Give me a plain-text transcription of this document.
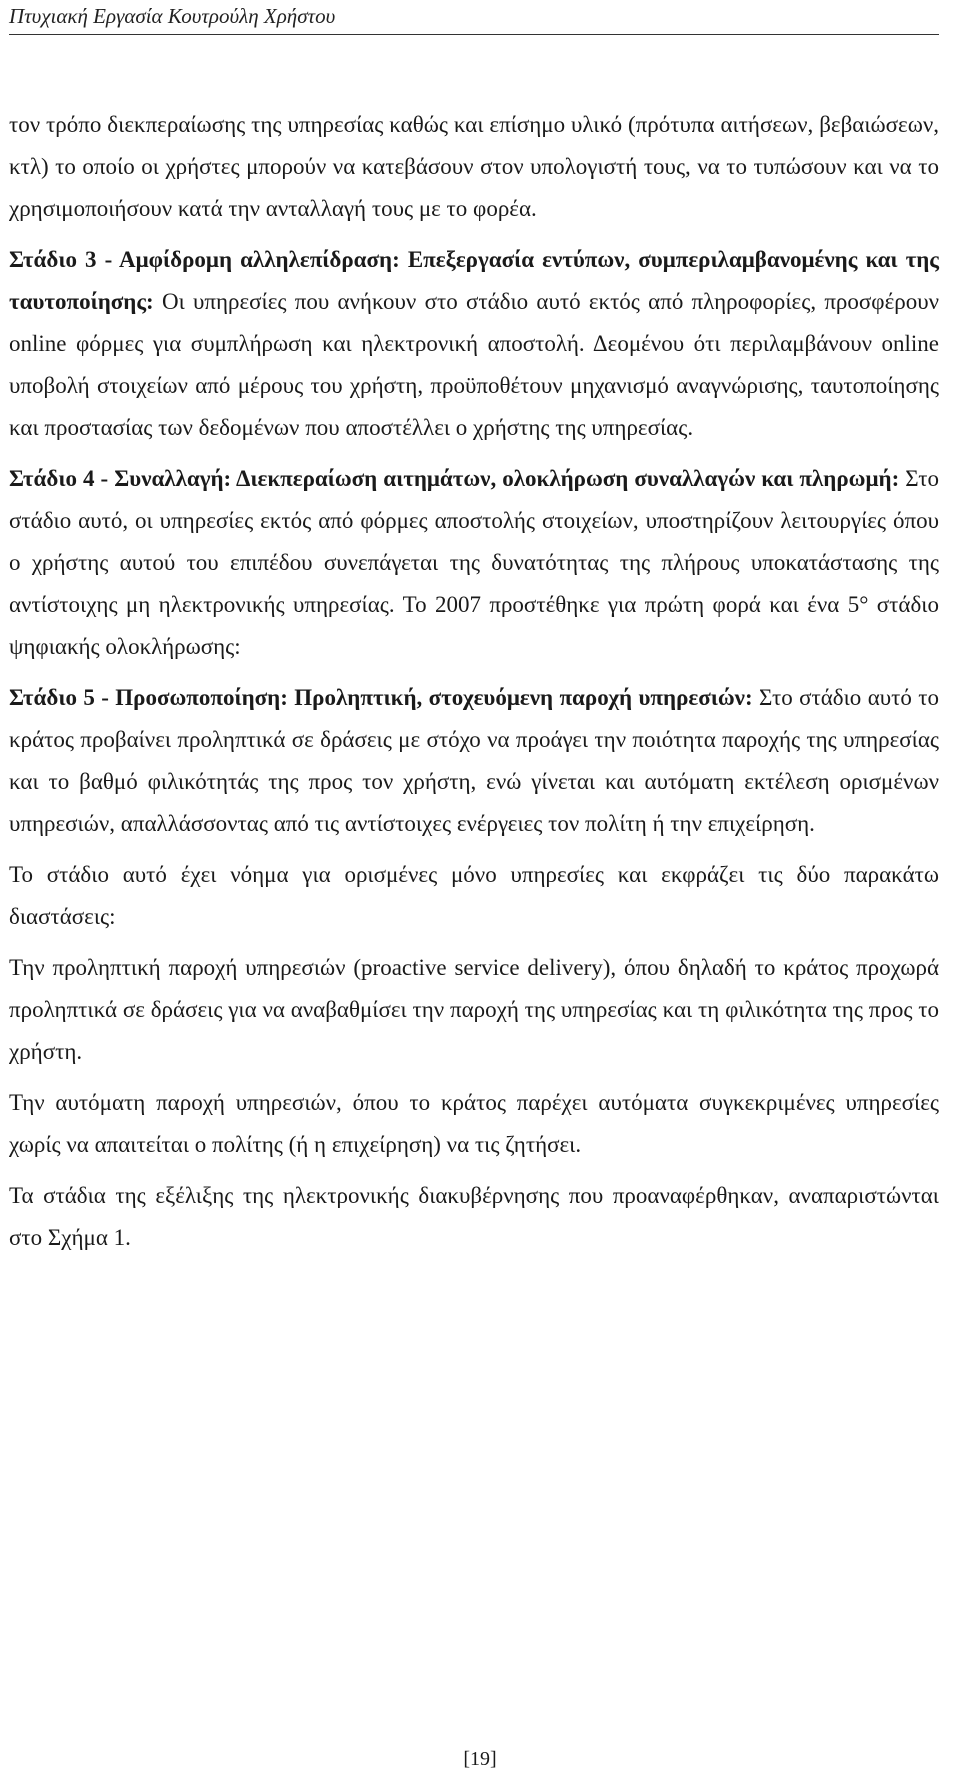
Πτυχιακή Εργασία Κουτρούλη Χρήστου

τον τρόπο διεκπεραίωσης της υπηρεσίας καθώς και επίσημο υλικό (πρότυπα αιτήσεων, βεβαιώσεων, κτλ) το οποίο οι χρήστες μπορούν να κατεβάσουν στον υπολογιστή τους, να το τυπώσουν και να το χρησιμοποιήσουν κατά την ανταλλαγή τους με το φορέα.

Στάδιο 3 - Αμφίδρομη αλληλεπίδραση: Επεξεργασία εντύπων, συμπεριλαμβανομένης και της ταυτοποίησης: Οι υπηρεσίες που ανήκουν στο στάδιο αυτό εκτός από πληροφορίες, προσφέρουν online φόρμες για συμπλήρωση και ηλεκτρονική αποστολή. Δεομένου ότι περιλαμβάνουν online υποβολή στοιχείων από μέρους του χρήστη, προϋποθέτουν μηχανισμό αναγνώρισης, ταυτοποίησης και προστασίας των δεδομένων που αποστέλλει ο χρήστης της υπηρεσίας.

Στάδιο 4 - Συναλλαγή: Διεκπεραίωση αιτημάτων, ολοκλήρωση συναλλαγών και πληρωμή: Στο στάδιο αυτό, οι υπηρεσίες εκτός από φόρμες αποστολής στοιχείων, υποστηρίζουν λειτουργίες όπου ο χρήστης αυτού του επιπέδου συνεπάγεται της δυνατότητας της πλήρους υποκατάστασης της αντίστοιχης μη ηλεκτρονικής υπηρεσίας. Το 2007 προστέθηκε για πρώτη φορά και ένα 5° στάδιο ψηφιακής ολοκλήρωσης:

Στάδιο 5 - Προσωποποίηση: Προληπτική, στοχευόμενη παροχή υπηρεσιών: Στο στάδιο αυτό το κράτος προβαίνει προληπτικά σε δράσεις με στόχο να προάγει την ποιότητα παροχής της υπηρεσίας και το βαθμό φιλικότητάς της προς τον χρήστη, ενώ γίνεται και αυτόματη εκτέλεση ορισμένων υπηρεσιών, απαλλάσσοντας από τις αντίστοιχες ενέργειες τον πολίτη ή την επιχείρηση.

Το στάδιο αυτό έχει νόημα για ορισμένες μόνο υπηρεσίες και εκφράζει τις δύο παρακάτω διαστάσεις:

Την προληπτική παροχή υπηρεσιών (proactive service delivery), όπου δηλαδή το κράτος προχωρά προληπτικά σε δράσεις για να αναβαθμίσει την παροχή της υπηρεσίας και τη φιλικότητα της προς το χρήστη.

Την αυτόματη παροχή υπηρεσιών, όπου το κράτος παρέχει αυτόματα συγκεκριμένες υπηρεσίες χωρίς να απαιτείται ο πολίτης (ή η επιχείρηση) να τις ζητήσει.

Τα στάδια της εξέλιξης της ηλεκτρονικής διακυβέρνησης που προαναφέρθηκαν, αναπαριστώνται στο Σχήμα 1.

[19]
